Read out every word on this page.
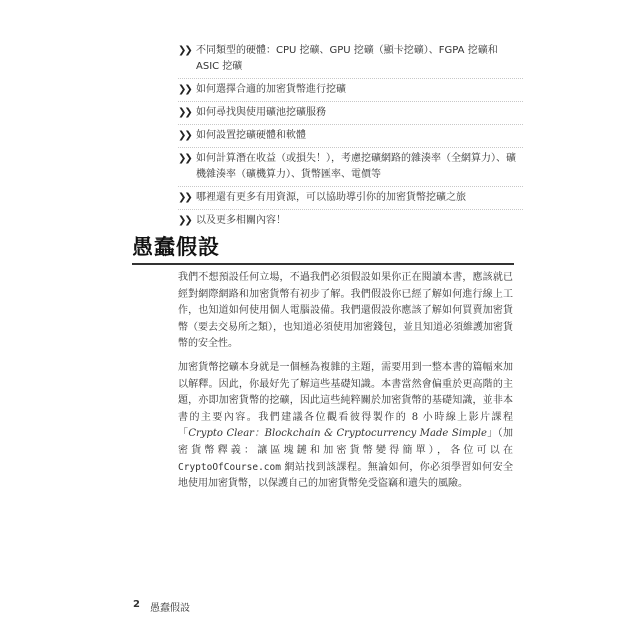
❯❯ 不同類型的硬體：CPU 挖礦、GPU 挖礦（顯卡挖礦）、FGPA 挖礦和 ASIC 挖礦
❯❯ 如何選擇合適的加密貨幣進行挖礦
❯❯ 如何尋找與使用礦池挖礦服務
❯❯ 如何設置挖礦硬體和軟體
❯❯ 如何計算潛在收益（或損失！），考慮挖礦網路的雜湊率（全網算力）、礦機雜湊率（礦機算力）、貨幣匯率、電價等
❯❯ 哪裡還有更多有用資源，可以協助導引你的加密貨幣挖礦之旅
❯❯ 以及更多相關內容！
愚蠢假設

我們不想預設任何立場，不過我們必須假設如果你正在閱讀本書，應該就已經對網際網路和加密貨幣有初步了解。我們假設你已經了解如何進行線上工作，也知道如何使用個人電腦設備。我們還假設你應該了解如何買賣加密貨幣（要去交易所之類），也知道必須使用加密錢包，並且知道必須維護加密貨幣的安全性。

加密貨幣挖礦本身就是一個極為複雜的主題，需要用到一整本書的篇幅來加以解釋。因此，你最好先了解這些基礎知識。本書當然會偏重於更高階的主題，亦即加密貨幣的挖礦，因此這些純粹關於加密貨幣的基礎知識，並非本書的主要內容。我們建議各位觀看彼得製作的 8 小時線上影片課程「Crypto Clear：Blockchain & Cryptocurrency Made Simple」（加密貨幣釋義：讓區塊鏈和加密貨幣變得簡單），各位可以在 CryptoOfCourse.com 網站找到該課程。無論如何，你必須學習如何安全地使用加密貨幣，以保護自己的加密貨幣免受盜竊和遺失的風險。

2 愚蠢假設
